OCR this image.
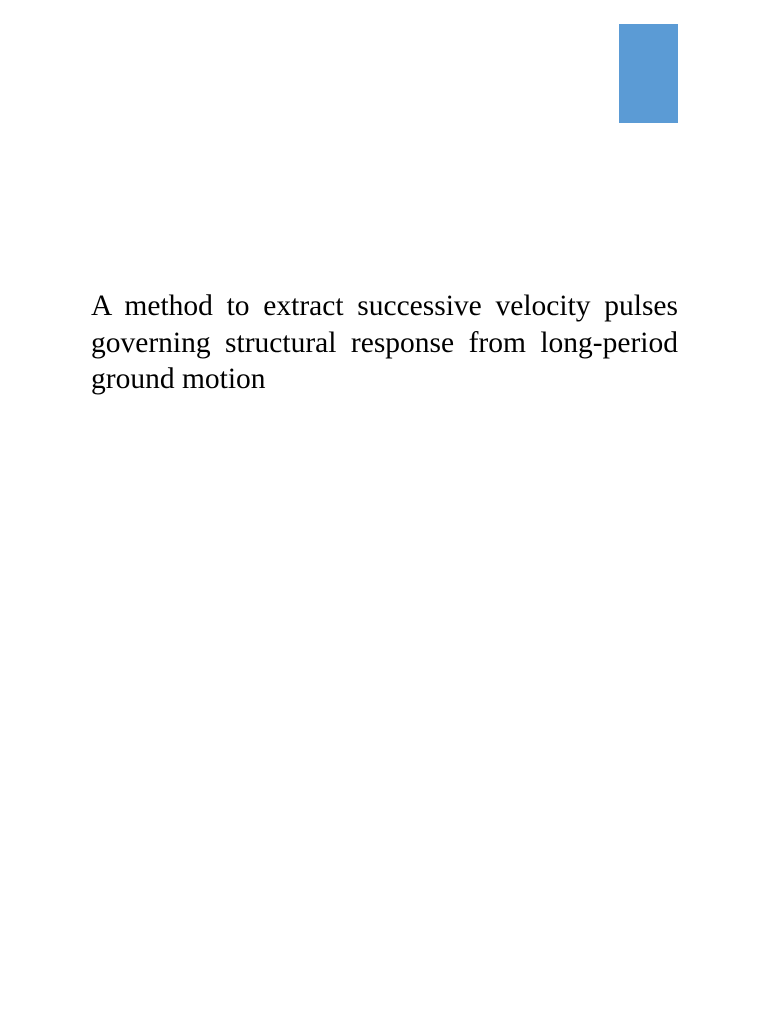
A method to extract successive velocity pulses governing structural response from long-period ground motion
